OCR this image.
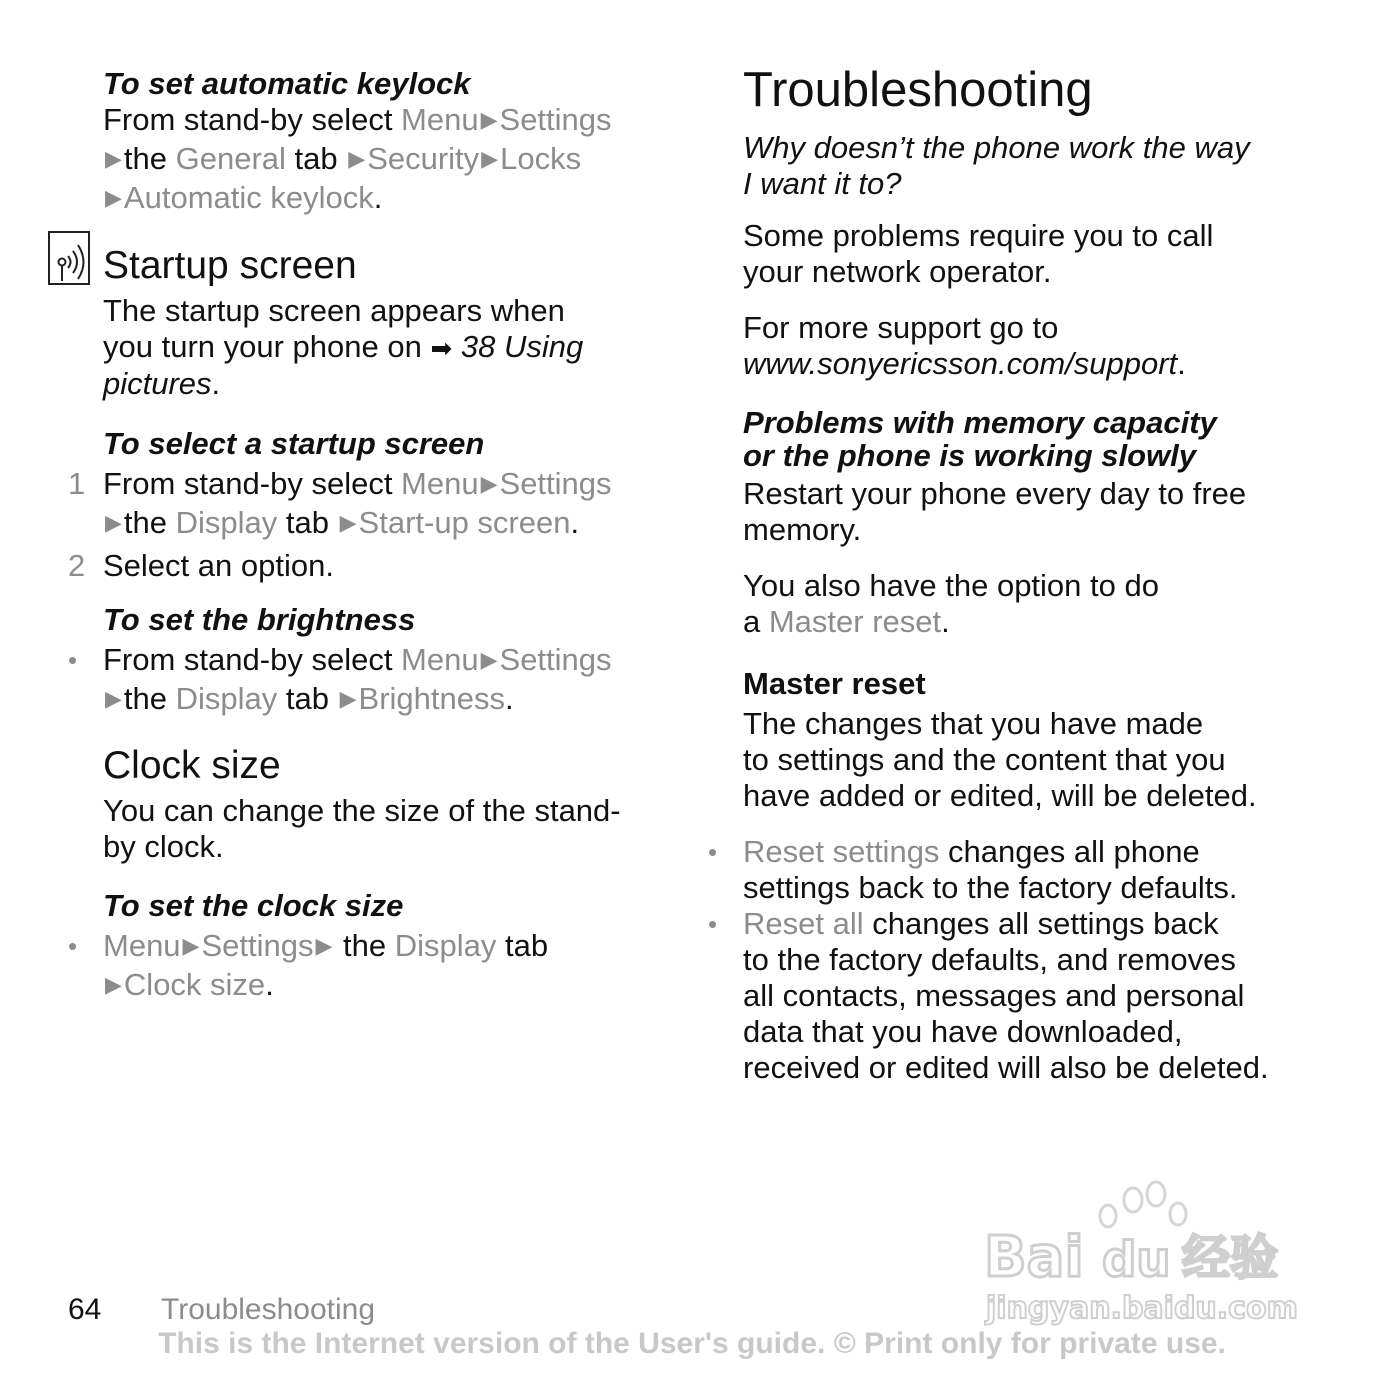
To set automatic keylock
From stand-by select Menu▶Settings
▶the General tab ▶Security▶Locks
▶Automatic keylock.
Startup screen
The startup screen appears when
you turn your phone on ➡ 38 Using
pictures.
To select a startup screen
1 From stand-by select Menu▶Settings
▶the Display tab ▶Start-up screen.
2 Select an option.
To set the brightness
• From stand-by select Menu▶Settings
▶the Display tab ▶Brightness.
Clock size
You can change the size of the stand-
by clock.
To set the clock size
• Menu▶Settings▶ the Display tab
▶Clock size.
Troubleshooting
Why doesn’t the phone work the way
I want it to?
Some problems require you to call
your network operator.
For more support go to
www.sonyericsson.com/support.
Problems with memory capacity
or the phone is working slowly
Restart your phone every day to free
memory.
You also have the option to do
a Master reset.
Master reset
The changes that you have made
to settings and the content that you
have added or edited, will be deleted.
• Reset settings changes all phone
settings back to the factory defaults.
• Reset all changes all settings back
to the factory defaults, and removes
all contacts, messages and personal
data that you have downloaded,
received or edited will also be deleted.
Bai du 经验
jingyan.baidu.com
64 Troubleshooting
This is the Internet version of the User's guide. © Print only for private use.
